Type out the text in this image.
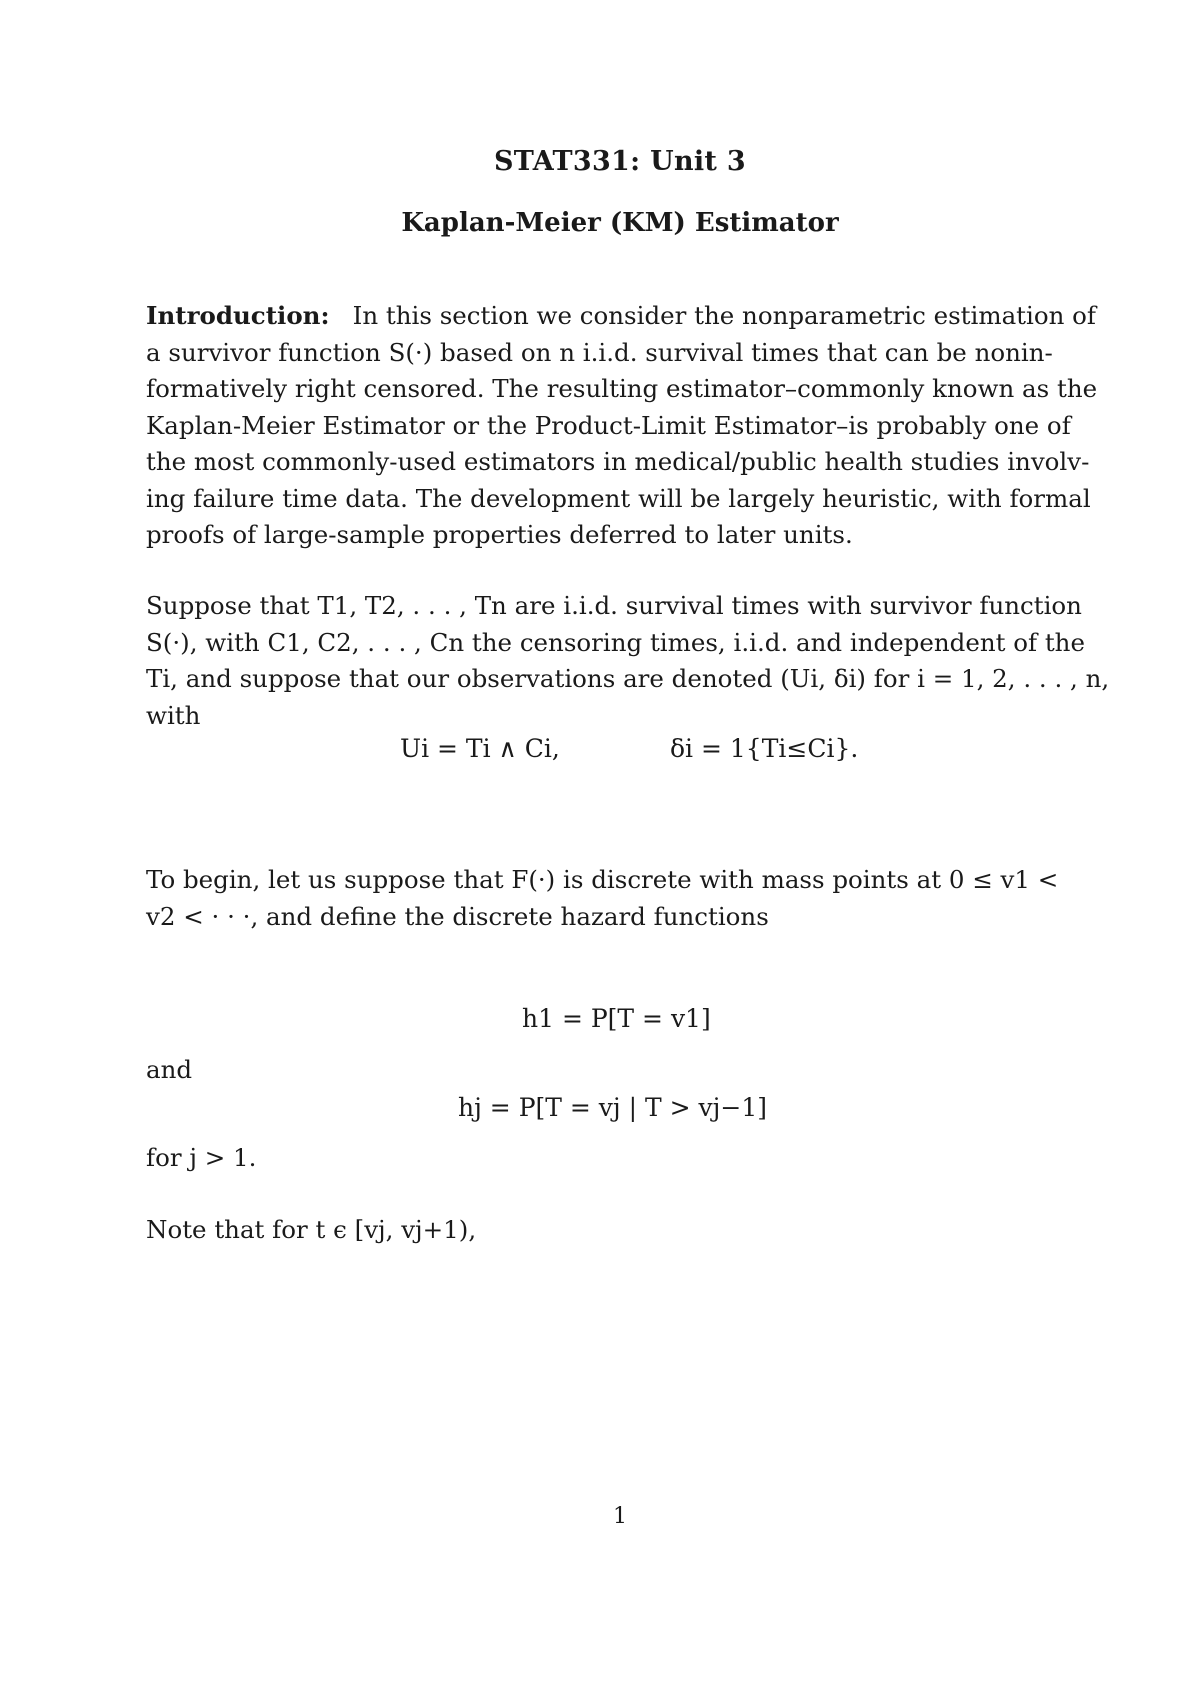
STAT331: Unit 3
Kaplan-Meier (KM) Estimator
Introduction: In this section we consider the nonparametric estimation of
a survivor function S(·) based on n i.i.d. survival times that can be nonin-
formatively right censored. The resulting estimator–commonly known as the
Kaplan-Meier Estimator or the Product-Limit Estimator–is probably one of
the most commonly-used estimators in medical/public health studies involv-
ing failure time data. The development will be largely heuristic, with formal
proofs of large-sample properties deferred to later units.
Suppose that T1, T2, . . . , Tn are i.i.d. survival times with survivor function
S(·), with C1, C2, . . . , Cn the censoring times, i.i.d. and independent of the
Ti, and suppose that our observations are denoted (Ui, δi) for i = 1, 2, . . . , n,
with
Ui = Ti ∧ Ci,	δi = 1{Ti≤Ci}.
To begin, let us suppose that F(·) is discrete with mass points at 0 ≤ v1 <
v2 < · · ·, and define the discrete hazard functions
h1 = P[T = v1]
and
hj = P[T = vj | T > vj−1]
for j > 1.
Note that for t ϵ [vj, vj+1),
1
